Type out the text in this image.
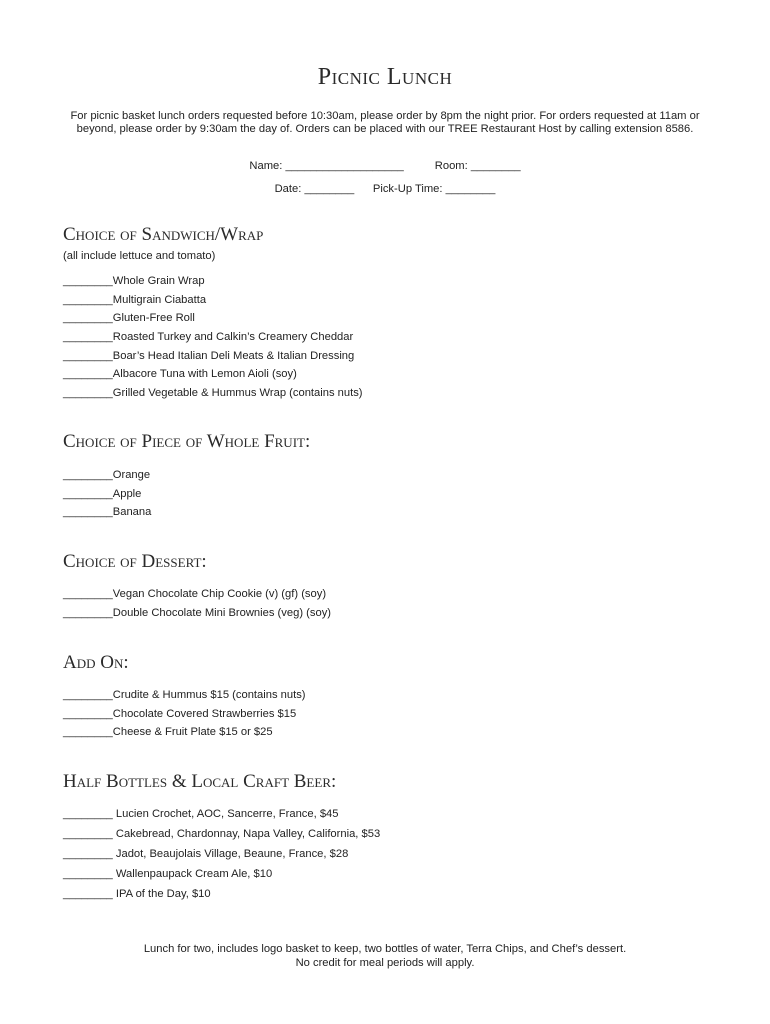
Picnic Lunch
For picnic basket lunch orders requested before 10:30am, please order by 8pm the night prior. For orders requested at 11am or beyond, please order by 9:30am the day of. Orders can be placed with our TREE Restaurant Host by calling extension 8586.
Name: ___________________	Room: ________
Date: ________ Pick-Up Time: ________
Choice of Sandwich/Wrap
(all include lettuce and tomato)
________Whole Grain Wrap
________Multigrain Ciabatta
________Gluten-Free Roll
________Roasted Turkey and Calkin’s Creamery Cheddar
________Boar’s Head Italian Deli Meats & Italian Dressing
________Albacore Tuna with Lemon Aioli (soy)
________Grilled Vegetable & Hummus Wrap (contains nuts)
Choice of Piece of Whole Fruit:
________Orange
________Apple
________Banana
Choice of Dessert:
________Vegan Chocolate Chip Cookie (v) (gf) (soy)
________Double Chocolate Mini Brownies (veg) (soy)
Add On:
________Crudite & Hummus $15 (contains nuts)
________Chocolate Covered Strawberries $15
________Cheese & Fruit Plate $15 or $25
Half Bottles & Local Craft Beer:
________ Lucien Crochet, AOC, Sancerre, France, $45
________ Cakebread, Chardonnay, Napa Valley, California, $53
________ Jadot, Beaujolais Village, Beaune, France, $28
________ Wallenpaupack Cream Ale, $10
________ IPA of the Day, $10
Lunch for two, includes logo basket to keep, two bottles of water, Terra Chips, and Chef’s dessert.
No credit for meal periods will apply.
